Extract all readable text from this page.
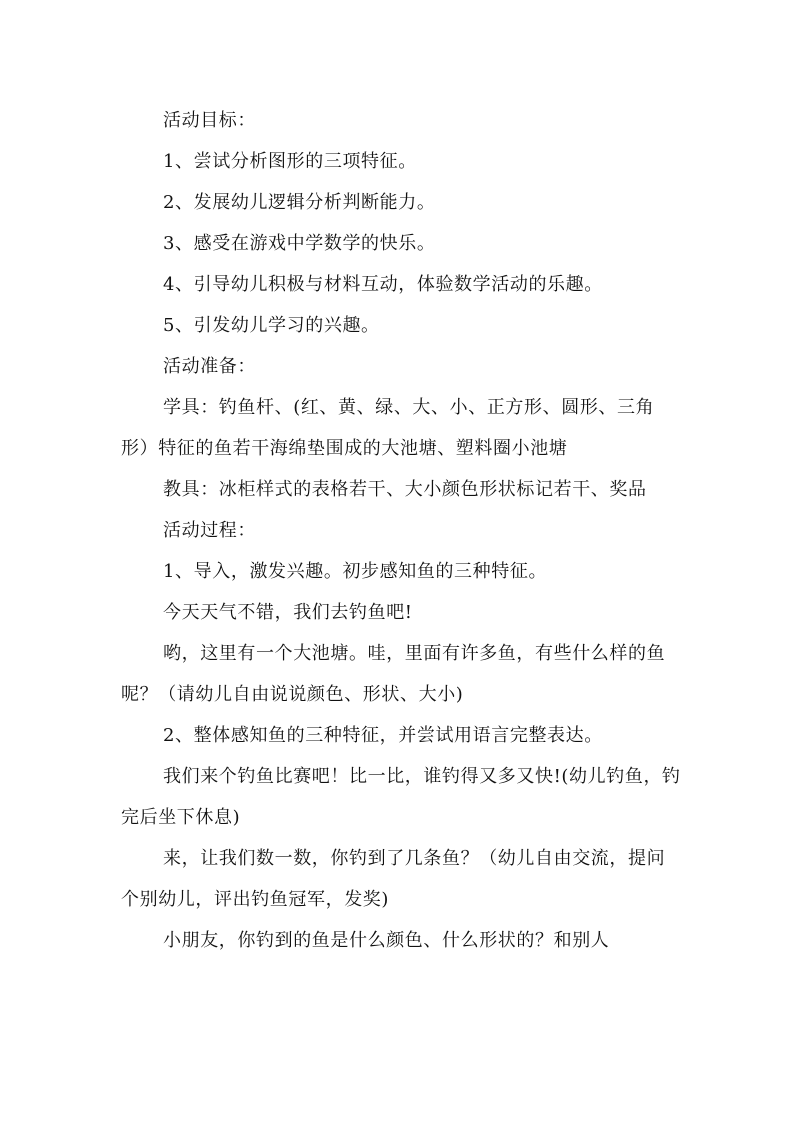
活动目标：

1、尝试分析图形的三项特征。

2、发展幼儿逻辑分析判断能力。

3、感受在游戏中学数学的快乐。

4、引导幼儿积极与材料互动，体验数学活动的乐趣。

5、引发幼儿学习的兴趣。

活动准备：

学具：钓鱼杆、(红、黄、绿、大、小、正方形、圆形、三角形）特征的鱼若干海绵垫围成的大池塘、塑料圈小池塘

教具：冰柜样式的表格若干、大小颜色形状标记若干、奖品

活动过程：

1、导入，激发兴趣。初步感知鱼的三种特征。

今天天气不错，我们去钓鱼吧!

哟，这里有一个大池塘。哇，里面有许多鱼，有些什么样的鱼呢？（请幼儿自由说说颜色、形状、大小)

2、整体感知鱼的三种特征，并尝试用语言完整表达。

我们来个钓鱼比赛吧！比一比，谁钓得又多又快!(幼儿钓鱼，钓完后坐下休息)

来，让我们数一数，你钓到了几条鱼？（幼儿自由交流，提问个别幼儿，评出钓鱼冠军，发奖)

小朋友，你钓到的鱼是什么颜色、什么形状的？和别人
